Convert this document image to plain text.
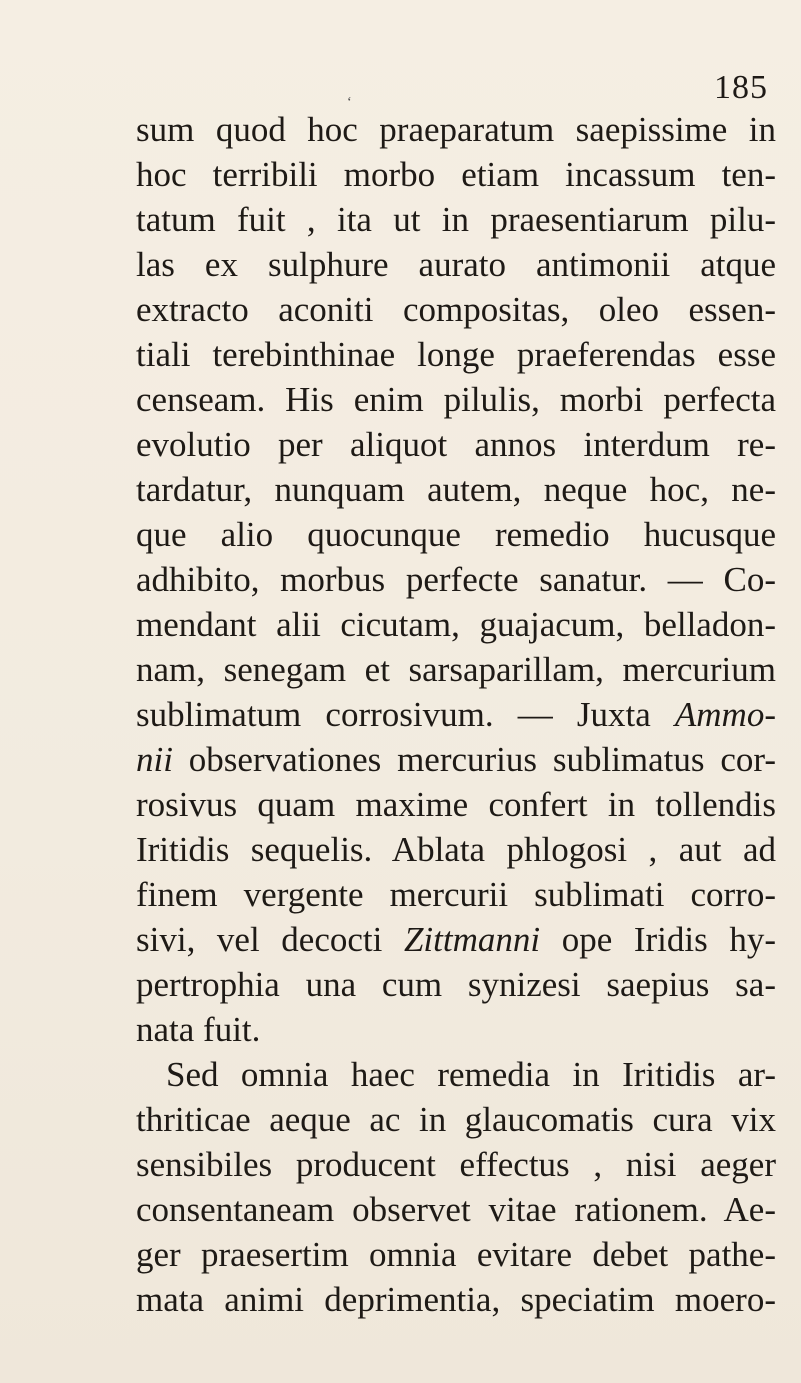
‘	185
sum quod hoc praeparatum saepissime in
hoc terribili morbo etiam incassum ten-
tatum fuit , ita ut in praesentiarum pilu-
las ex sulphure aurato antimonii atque
extracto aconiti compositas, oleo essen-
tiali terebinthinae longe praeferendas esse
censeam. His enim pilulis, morbi perfecta
evolutio per aliquot annos interdum re-
tardatur, nunquam autem, neque hoc, ne-
que alio quocunque remedio hucusque
adhibito, morbus perfecte sanatur. — Co-
mendant alii cicutam, guajacum, belladon-
nam, senegam et sarsaparillam, mercurium
sublimatum corrosivum. — Juxta Ammo-
nii observationes mercurius sublimatus cor-
rosivus quam maxime confert in tollendis
Iritidis sequelis. Ablata phlogosi , aut ad
finem vergente mercurii sublimati corro-
sivi, vel decocti Zittmanni ope Iridis hy-
pertrophia una cum synizesi saepius sa-
nata fuit.
Sed omnia haec remedia in Iritidis ar-
thriticae aeque ac in glaucomatis cura vix
sensibiles producent effectus , nisi aeger
consentaneam observet vitae rationem. Ae-
ger praesertim omnia evitare debet pathe-
mata animi deprimentia, speciatim moero-
